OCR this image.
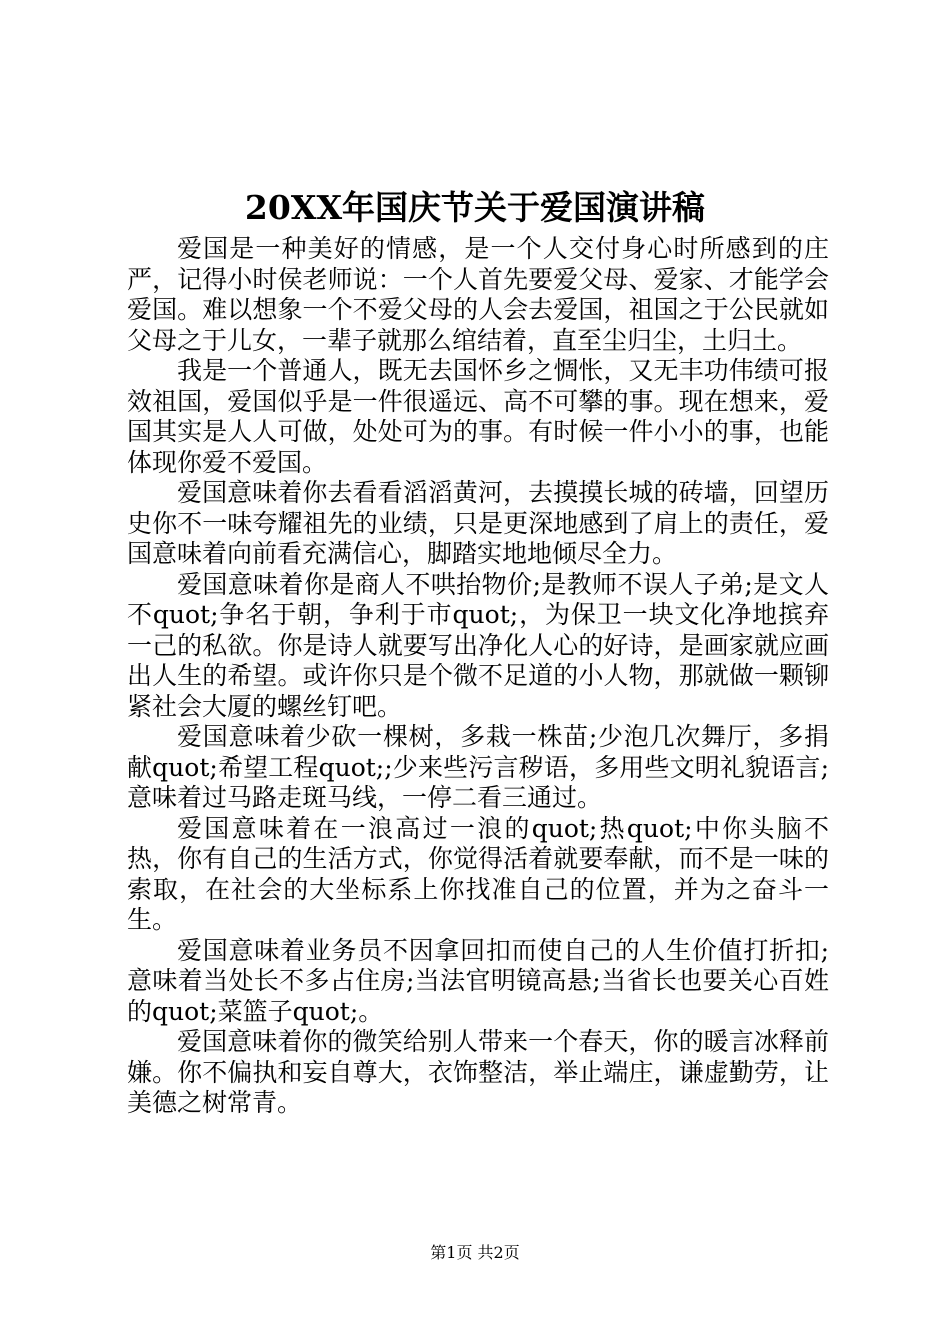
20XX年国庆节关于爱国演讲稿

爱国是一种美好的情感，是一个人交付身心时所感到的庄严，记得小时侯老师说：一个人首先要爱父母、爱家、才能学会爱国。难以想象一个不爱父母的人会去爱国，祖国之于公民就如父母之于儿女，一辈子就那么绾结着，直至尘归尘，土归土。

我是一个普通人，既无去国怀乡之惆怅，又无丰功伟绩可报效祖国，爱国似乎是一件很遥远、高不可攀的事。现在想来，爱国其实是人人可做，处处可为的事。有时候一件小小的事，也能体现你爱不爱国。

爱国意味着你去看看滔滔黄河，去摸摸长城的砖墙，回望历史你不一味夸耀祖先的业绩，只是更深地感到了肩上的责任，爱国意味着向前看充满信心，脚踏实地地倾尽全力。

爱国意味着你是商人不哄抬物价;是教师不误人子弟;是文人不quot;争名于朝，争利于市quot;，为保卫一块文化净地摈弃一己的私欲。你是诗人就要写出净化人心的好诗，是画家就应画出人生的希望。或许你只是个微不足道的小人物，那就做一颗铆紧社会大厦的螺丝钉吧。

爱国意味着少砍一棵树，多栽一株苗;少泡几次舞厅，多捐献quot;希望工程quot;;少来些污言秽语，多用些文明礼貌语言;意味着过马路走斑马线，一停二看三通过。

爱国意味着在一浪高过一浪的quot;热quot;中你头脑不热，你有自己的生活方式，你觉得活着就要奉献，而不是一味的索取，在社会的大坐标系上你找准自己的位置，并为之奋斗一生。

爱国意味着业务员不因拿回扣而使自己的人生价值打折扣;意味着当处长不多占住房;当法官明镜高悬;当省长也要关心百姓的quot;菜篮子quot;。

爱国意味着你的微笑给别人带来一个春天，你的暖言冰释前嫌。你不偏执和妄自尊大，衣饰整洁，举止端庄，谦虚勤劳，让美德之树常青。

第1页 共2页
